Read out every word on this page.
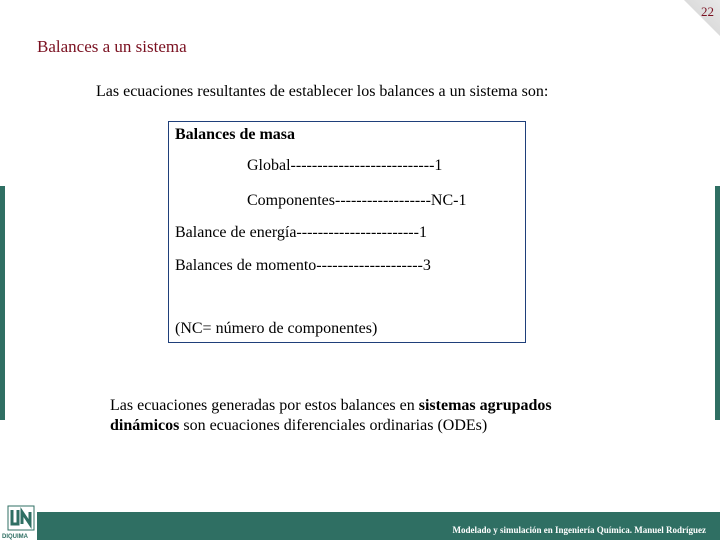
22
Balances a un sistema
Las ecuaciones resultantes de establecer los balances a un sistema son:
Balances de masa
Global---------------------------1
Componentes------------------NC-1
Balance de energía-----------------------1
Balances de momento--------------------3
(NC= número de componentes)
Las ecuaciones generadas por estos balances en sistemas agrupados dinámicos son ecuaciones diferenciales ordinarias (ODEs)
Modelado y simulación en Ingeniería Química. Manuel Rodríguez
DIQUIMA
